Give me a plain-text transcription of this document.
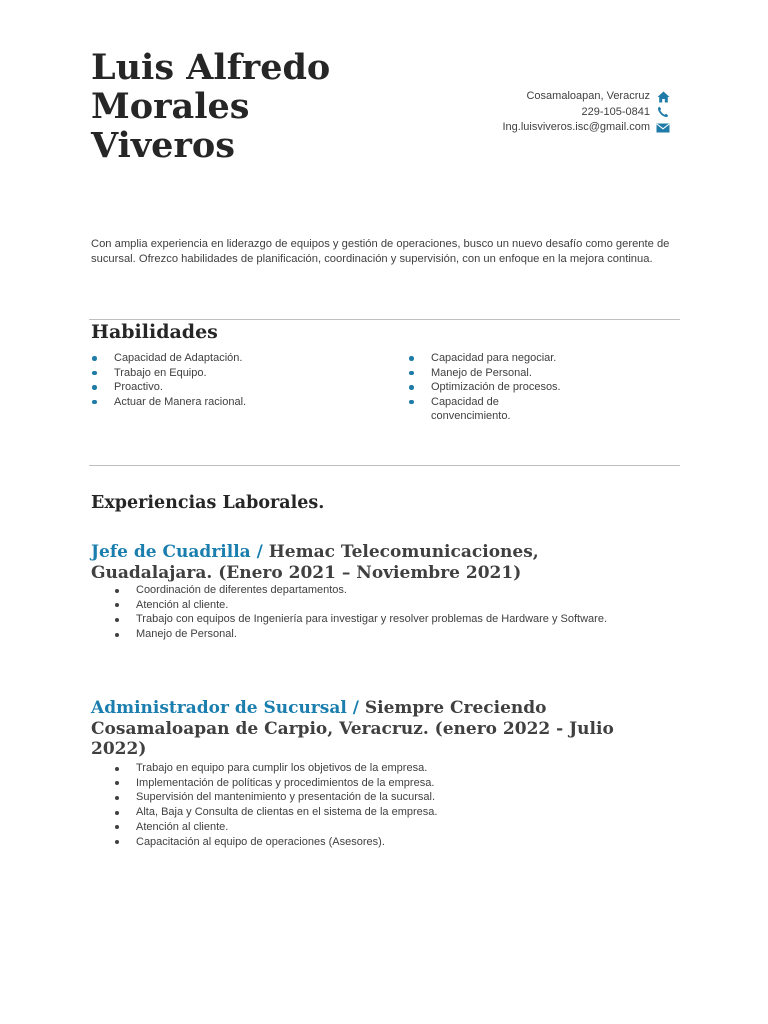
Luis Alfredo
Morales
Viveros
Cosamaloapan, Veracruz
229-105-0841
Ing.luisviveros.isc@gmail.com

Con amplia experiencia en liderazgo de equipos y gestión de operaciones, busco un nuevo desafío como gerente de sucursal. Ofrezco habilidades de planificación, coordinación y supervisión, con un enfoque en la mejora continua.

Habilidades
Capacidad de Adaptación.
Trabajo en Equipo.
Proactivo.
Actuar de Manera racional.
Capacidad para negociar.
Manejo de Personal.
Optimización de procesos.
Capacidad de convencimiento.
Experiencias Laborales.
Jefe de Cuadrilla / Hemac Telecomunicaciones, Guadalajara. (Enero 2021 – Noviembre 2021)
Coordinación de diferentes departamentos.
Atención al cliente.
Trabajo con equipos de Ingeniería para investigar y resolver problemas de Hardware y Software.
Manejo de Personal.
Administrador de Sucursal / Siempre Creciendo Cosamaloapan de Carpio, Veracruz. (enero 2022 - Julio 2022)
Trabajo en equipo para cumplir los objetivos de la empresa.
Implementación de políticas y procedimientos de la empresa.
Supervisión del mantenimiento y presentación de la sucursal.
Alta, Baja y Consulta de clientas en el sistema de la empresa.
Atención al cliente.
Capacitación al equipo de operaciones (Asesores).
